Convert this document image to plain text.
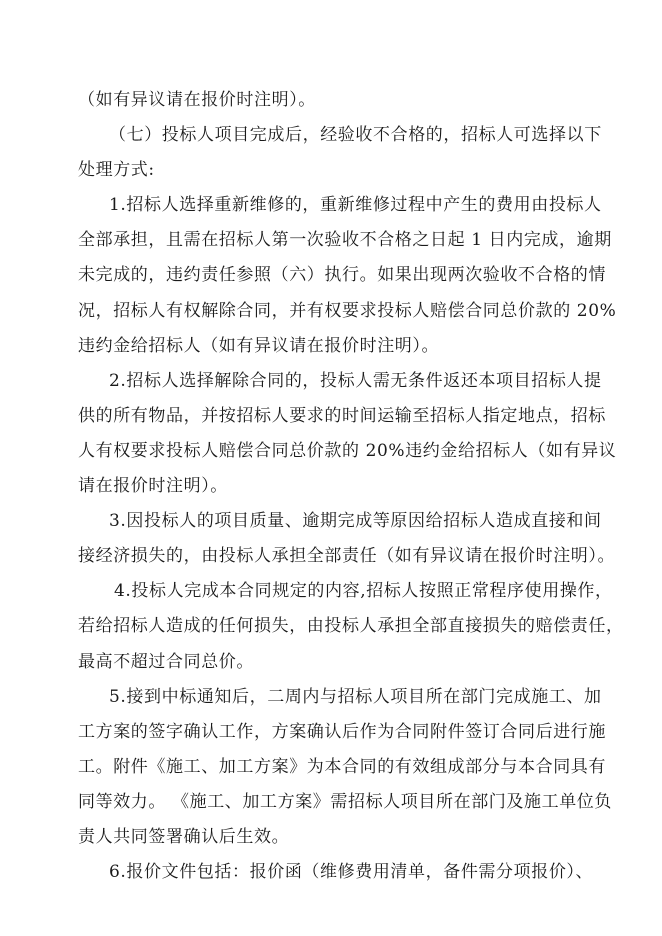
（如有异议请在报价时注明）。
（七）投标人项目完成后，经验收不合格的，招标人可选择以下
处理方式:
1.招标人选择重新维修的，重新维修过程中产生的费用由投标人
全部承担，且需在招标人第一次验收不合格之日起 1 日内完成，逾期
未完成的，违约责任参照（六）执行。如果出现两次验收不合格的情
况，招标人有权解除合同，并有权要求投标人赔偿合同总价款的 20%
违约金给招标人（如有异议请在报价时注明）。
2.招标人选择解除合同的，投标人需无条件返还本项目招标人提
供的所有物品，并按招标人要求的时间运输至招标人指定地点，招标
人有权要求投标人赔偿合同总价款的 20%违约金给招标人（如有异议
请在报价时注明）。
3.因投标人的项目质量、逾期完成等原因给招标人造成直接和间
接经济损失的，由投标人承担全部责任（如有异议请在报价时注明）。
4.投标人完成本合同规定的内容,招标人按照正常程序使用操作，
若给招标人造成的任何损失，由投标人承担全部直接损失的赔偿责任，
最高不超过合同总价。
5.接到中标通知后，二周内与招标人项目所在部门完成施工、加
工方案的签字确认工作，方案确认后作为合同附件签订合同后进行施
工。附件《施工、加工方案》为本合同的有效组成部分与本合同具有
同等效力。 《施工、加工方案》需招标人项目所在部门及施工单位负
责人共同签署确认后生效。
6.报价文件包括：报价函（维修费用清单，备件需分项报价）、
